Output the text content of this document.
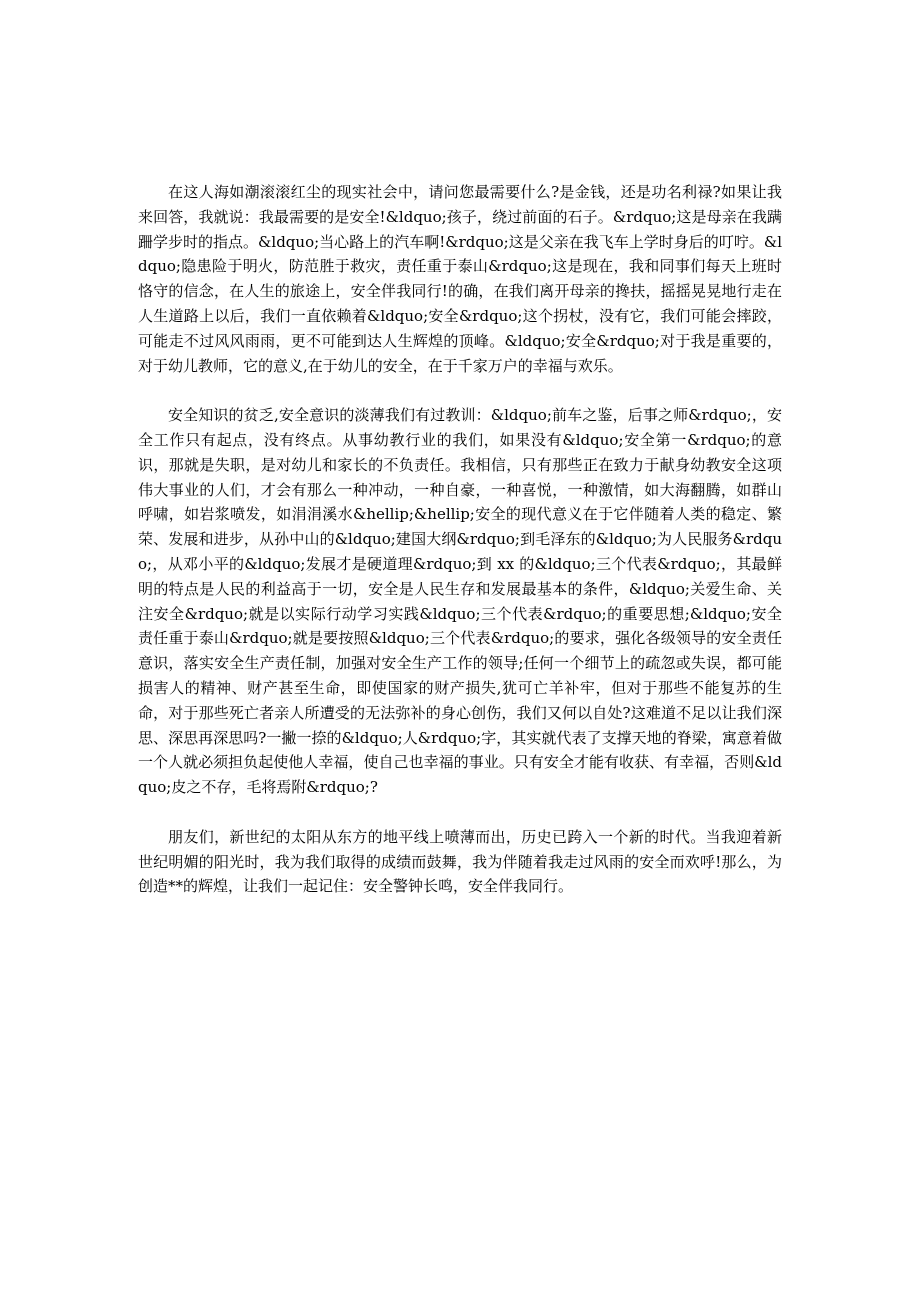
在这人海如潮滚滚红尘的现实社会中，请问您最需要什么?是金钱，还是功名利禄?如果让我来回答，我就说：我最需要的是安全!&ldquo;孩子，绕过前面的石子。&rdquo;这是母亲在我蹒跚学步时的指点。&ldquo;当心路上的汽车啊!&rdquo;这是父亲在我飞车上学时身后的叮咛。&ldquo;隐患险于明火，防范胜于救灾，责任重于泰山&rdquo;这是现在，我和同事们每天上班时恪守的信念，在人生的旅途上，安全伴我同行!的确，在我们离开母亲的搀扶，摇摇晃晃地行走在人生道路上以后，我们一直依赖着&ldquo;安全&rdquo;这个拐杖，没有它，我们可能会摔跤，可能走不过风风雨雨，更不可能到达人生辉煌的顶峰。&ldquo;安全&rdquo;对于我是重要的，对于幼儿教师，它的意义,在于幼儿的安全，在于千家万户的幸福与欢乐。

安全知识的贫乏,安全意识的淡薄我们有过教训：&ldquo;前车之鉴，后事之师&rdquo;，安全工作只有起点，没有终点。从事幼教行业的我们，如果没有&ldquo;安全第一&rdquo;的意识，那就是失职，是对幼儿和家长的不负责任。我相信，只有那些正在致力于献身幼教安全这项伟大事业的人们，才会有那么一种冲动，一种自豪，一种喜悦，一种激情，如大海翻腾，如群山呼啸，如岩浆喷发，如涓涓溪水&hellip;&hellip;安全的现代意义在于它伴随着人类的稳定、繁荣、发展和进步，从孙中山的&ldquo;建国大纲&rdquo;到毛泽东的&ldquo;为人民服务&rdquo;，从邓小平的&ldquo;发展才是硬道理&rdquo;到 xx 的&ldquo;三个代表&rdquo;，其最鲜明的特点是人民的利益高于一切，安全是人民生存和发展最基本的条件，&ldquo;关爱生命、关注安全&rdquo;就是以实际行动学习实践&ldquo;三个代表&rdquo;的重要思想;&ldquo;安全责任重于泰山&rdquo;就是要按照&ldquo;三个代表&rdquo;的要求，强化各级领导的安全责任意识，落实安全生产责任制，加强对安全生产工作的领导;任何一个细节上的疏忽或失误，都可能损害人的精神、财产甚至生命，即使国家的财产损失,犹可亡羊补牢，但对于那些不能复苏的生命，对于那些死亡者亲人所遭受的无法弥补的身心创伤，我们又何以自处?这难道不足以让我们深思、深思再深思吗?一撇一捺的&ldquo;人&rdquo;字，其实就代表了支撑天地的脊梁，寓意着做一个人就必须担负起使他人幸福，使自己也幸福的事业。只有安全才能有收获、有幸福，否则&ldquo;皮之不存，毛将焉附&rdquo;?

朋友们，新世纪的太阳从东方的地平线上喷薄而出，历史已跨入一个新的时代。当我迎着新世纪明媚的阳光时，我为我们取得的成绩而鼓舞，我为伴随着我走过风雨的安全而欢呼!那么，为创造**的辉煌，让我们一起记住：安全警钟长鸣，安全伴我同行。
